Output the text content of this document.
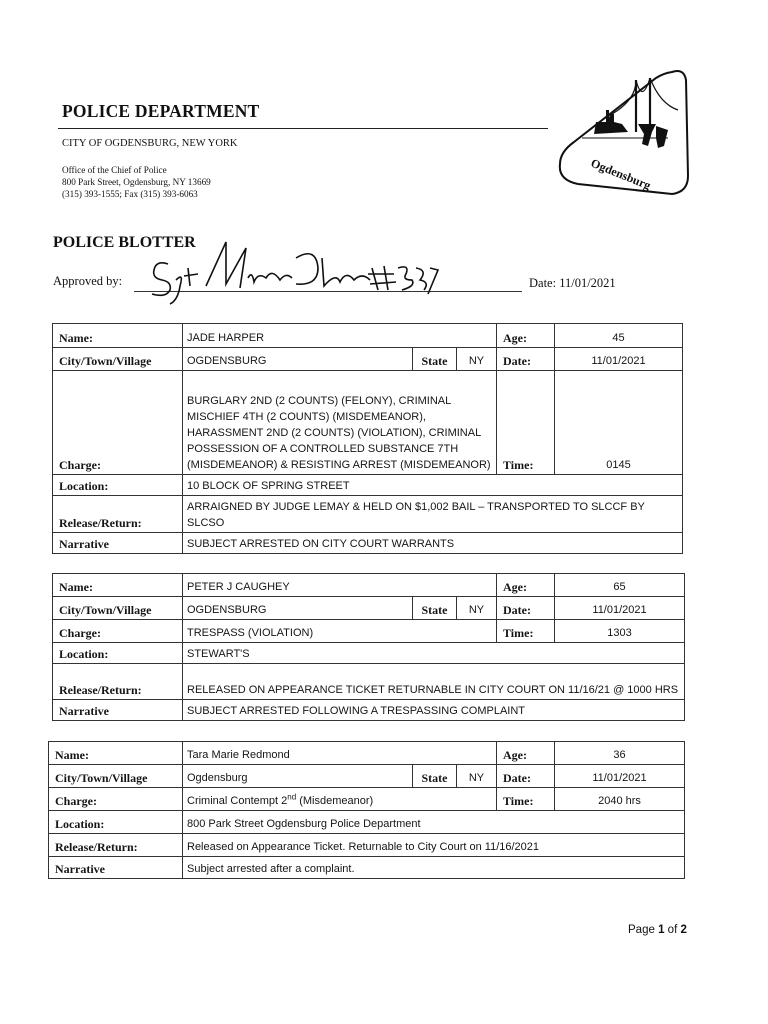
POLICE DEPARTMENT
CITY OF OGDENSBURG, NEW YORK
Office of the Chief of Police
800 Park Street, Ogdensburg, NY 13669
(315) 393-1555; Fax (315) 393-6063
Ogdensburg
POLICE BLOTTER
Approved by:	Date: 11/01/2021
Name:	JADE HARPER			Age:	45
City/Town/Village	OGDENSBURG	State	NY	Date:	11/01/2021
Charge:	BURGLARY 2ND (2 COUNTS) (FELONY), CRIMINAL MISCHIEF 4TH (2 COUNTS) (MISDEMEANOR), HARASSMENT 2ND (2 COUNTS) (VIOLATION), CRIMINAL POSSESSION OF A CONTROLLED SUBSTANCE 7TH (MISDEMEANOR) & RESISTING ARREST (MISDEMEANOR)			Time:	0145
Location:	10 BLOCK OF SPRING STREET				
Release/Return:	ARRAIGNED BY JUDGE LEMAY & HELD ON $1,002 BAIL – TRANSPORTED TO SLCCF BY SLCSO				
Narrative	SUBJECT ARRESTED ON CITY COURT WARRANTS				
Name:	PETER J CAUGHEY			Age:	65
City/Town/Village	OGDENSBURG	State	NY	Date:	11/01/2021
Charge:	TRESPASS (VIOLATION)			Time:	1303
Location:	STEWART'S				
Release/Return:	RELEASED ON APPEARANCE TICKET RETURNABLE IN CITY COURT ON 11/16/21 @ 1000 HRS				
Narrative	SUBJECT ARRESTED FOLLOWING A TRESPASSING COMPLAINT				
Name:	Tara Marie Redmond			Age:	36
City/Town/Village	Ogdensburg	State	NY	Date:	11/01/2021
Charge:	Criminal Contempt 2nd (Misdemeanor)			Time:	2040 hrs
Location:	800 Park Street Ogdensburg Police Department				
Release/Return:	Released on Appearance Ticket. Returnable to City Court on 11/16/2021				
Narrative	Subject arrested after a complaint.				
Page 1 of 2
